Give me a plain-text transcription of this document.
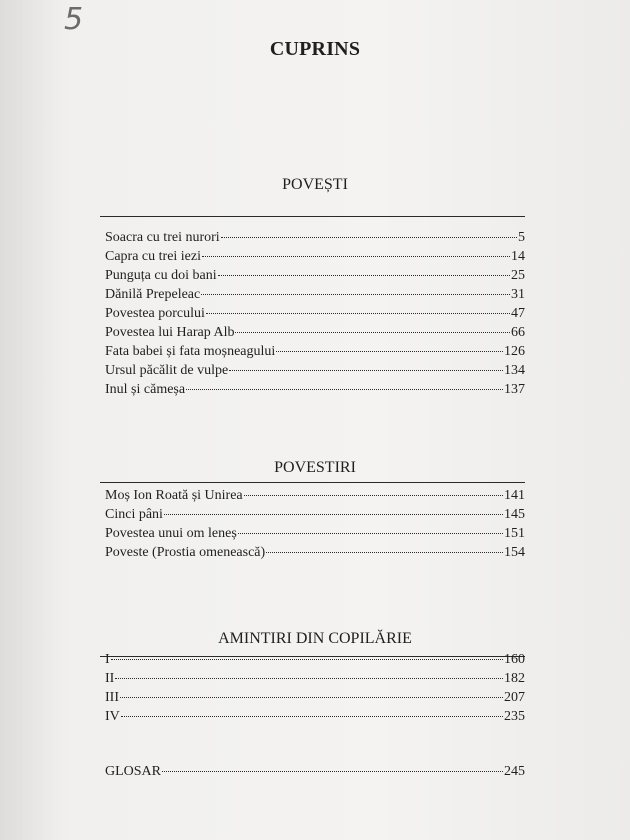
5
CUPRINS
POVEȘTI
Soacra cu trei nurori	5
Capra cu trei iezi	14
Punguța cu doi bani	25
Dănilă Prepeleac	31
Povestea porcului	47
Povestea lui Harap Alb	66
Fata babei și fata moșneagului	126
Ursul păcălit de vulpe	134
Inul și cămeșa	137
POVESTIRI
Moș Ion Roată și Unirea	141
Cinci pâni	145
Povestea unui om leneș	151
Poveste (Prostia omenească)	154
AMINTIRI DIN COPILĂRIE
I	160
II	182
III	207
IV	235
GLOSAR	245
